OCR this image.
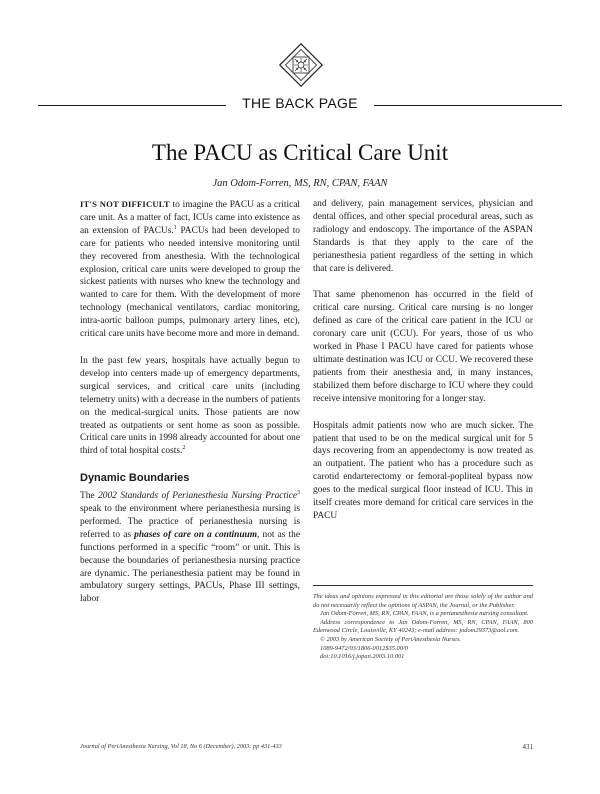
THE BACK PAGE
The PACU as Critical Care Unit
Jan Odom-Forren, MS, RN, CPAN, FAAN

IT'S NOT DIFFICULT to imagine the PACU as a critical care unit. As a matter of fact, ICUs came into existence as an extension of PACUs.$^1$ PACUs had been developed to care for patients who needed intensive monitoring until they recovered from anesthesia. With the technological explosion, critical care units were developed to group the sickest patients with nurses who knew the technology and wanted to care for them. With the development of more technology (mechanical ventilators, cardiac monitoring, intra-aortic balloon pumps, pulmonary artery lines, etc), critical care units have become more and more in demand.

In the past few years, hospitals have actually begun to develop into centers made up of emergency departments, surgical services, and critical care units (including telemetry units) with a decrease in the numbers of patients on the medical-surgical units. Those patients are now treated as outpatients or sent home as soon as possible. Critical care units in 1998 already accounted for about one third of total hospital costs.$^2$

Dynamic Boundaries

The 2002 Standards of Perianesthesia Nursing Practice$^3$ speak to the environment where perianesthesia nursing is performed. The practice of perianesthesia nursing is referred to as phases of care on a continuum, not as the functions performed in a specific “room” or unit. This is because the boundaries of perianesthesia nursing practice are dynamic. The perianesthesia patient may be found in ambulatory surgery settings, PACUs, Phase III settings, labor

and delivery, pain management services, physician and dental offices, and other special procedural areas, such as radiology and endoscopy. The importance of the ASPAN Standards is that they apply to the care of the perianesthesia patient regardless of the setting in which that care is delivered.

That same phenomenon has occurred in the field of critical care nursing. Critical care nursing is no longer defined as care of the critical care patient in the ICU or coronary care unit (CCU). For years, those of us who worked in Phase I PACU have cared for patients whose ultimate destination was ICU or CCU. We recovered these patients from their anesthesia and, in many instances, stabilized them before discharge to ICU where they could receive intensive monitoring for a longer stay.

Hospitals admit patients now who are much sicker. The patient that used to be on the medical surgical unit for 5 days recovering from an appendectomy is now treated as an outpatient. The patient who has a procedure such as carotid endarterectomy or femoral-popliteal bypass now goes to the medical surgical floor instead of ICU. This in itself creates more demand for critical care services in the PACU

The ideas and opinions expressed in this editorial are those solely of the author and do not necessarily reflect the opinions of ASPAN, the Journal, or the Publisher.
Jan Odom-Forren, MS, RN, CPAN, FAAN, is a perianesthesia nursing consultant.
Address correspondence to Jan Odom-Forren, MS, RN, CPAN, FAAN, 800 Edenwood Circle, Louisville, KY 40243; e-mail address: jodom29373@aol.com.
© 2003 by American Society of PeriAnesthesia Nurses.
1089-9472/03/1806-0012$35.00/0
doi:10.1016/j.jopan.2003.10.001
Journal of PeriAnesthesia Nursing, Vol 18, No 6 (December), 2003: pp 431-433	431
